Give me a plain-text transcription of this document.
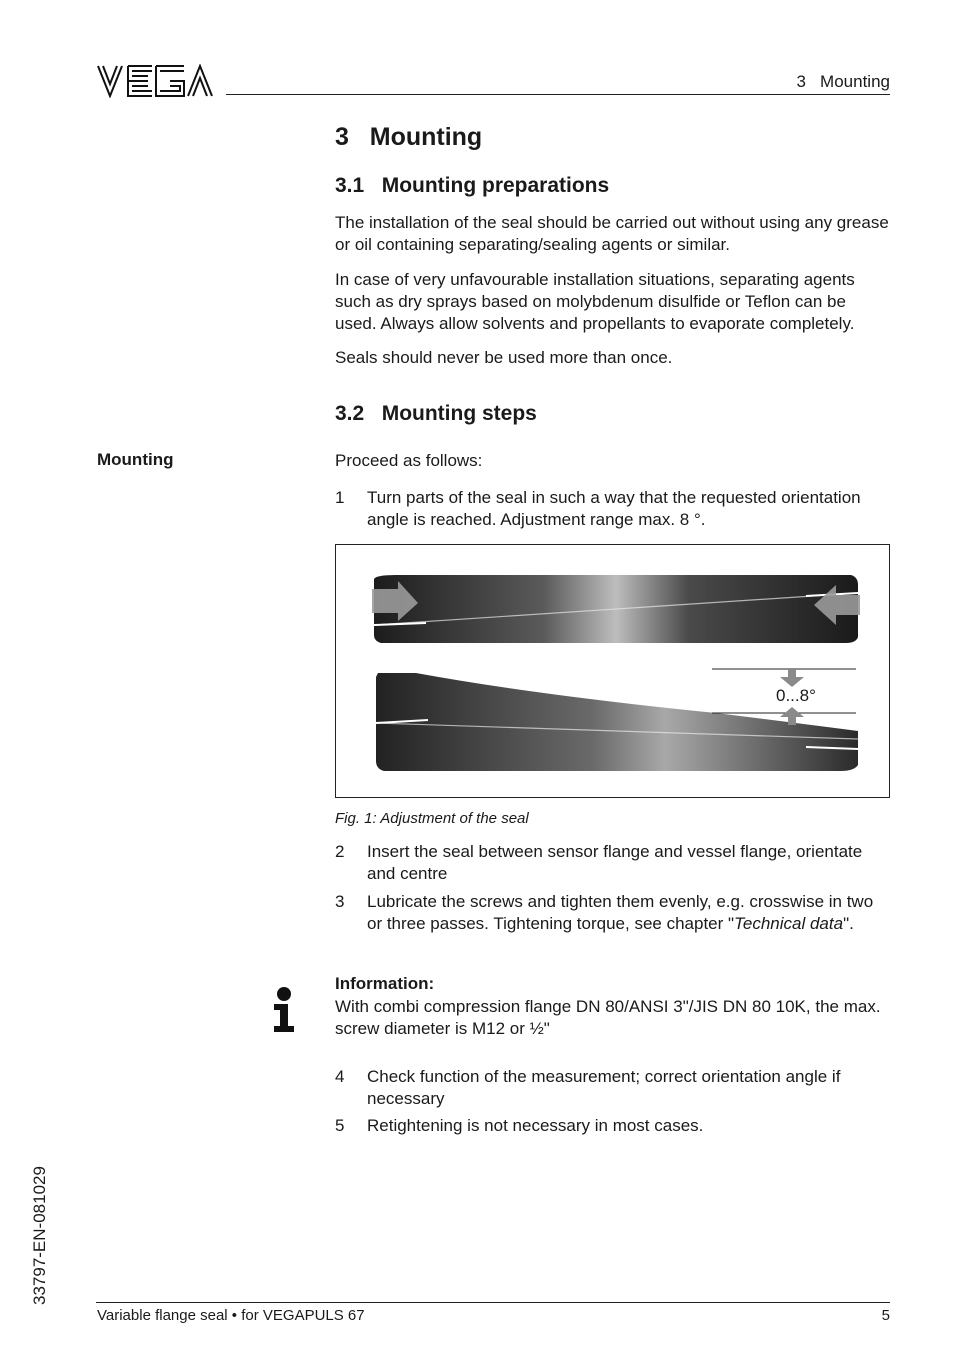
3   Mounting
3   Mounting
3.1   Mounting preparations
The installation of the seal should be carried out without using any grease or oil containing separating/sealing agents or similar.
In case of very unfavourable installation situations, separating agents such as dry sprays based on molybdenum disulfide or Teflon can be used. Always allow solvents and propellants to evaporate completely.
Seals should never be used more than once.
3.2   Mounting steps
Mounting	Proceed as follows:
1 Turn parts of the seal in such a way that the requested orientation angle is reached. Adjustment range max. 8 °.
0...8°
Fig. 1: Adjustment of the seal
2 Insert the seal between sensor flange and vessel flange, orientate and centre
3 Lubricate the screws and tighten them evenly, e.g. crosswise in two or three passes. Tightening torque, see chapter "Technical data".
Information:
With combi compression flange DN 80/ANSI 3"/JIS DN 80 10K, the max. screw diameter is M12 or ½"
4 Check function of the measurement; correct orientation angle if necessary
5 Retightening is not necessary in most cases.
33797-EN-081029
Variable flange seal • for VEGAPULS 67	5
